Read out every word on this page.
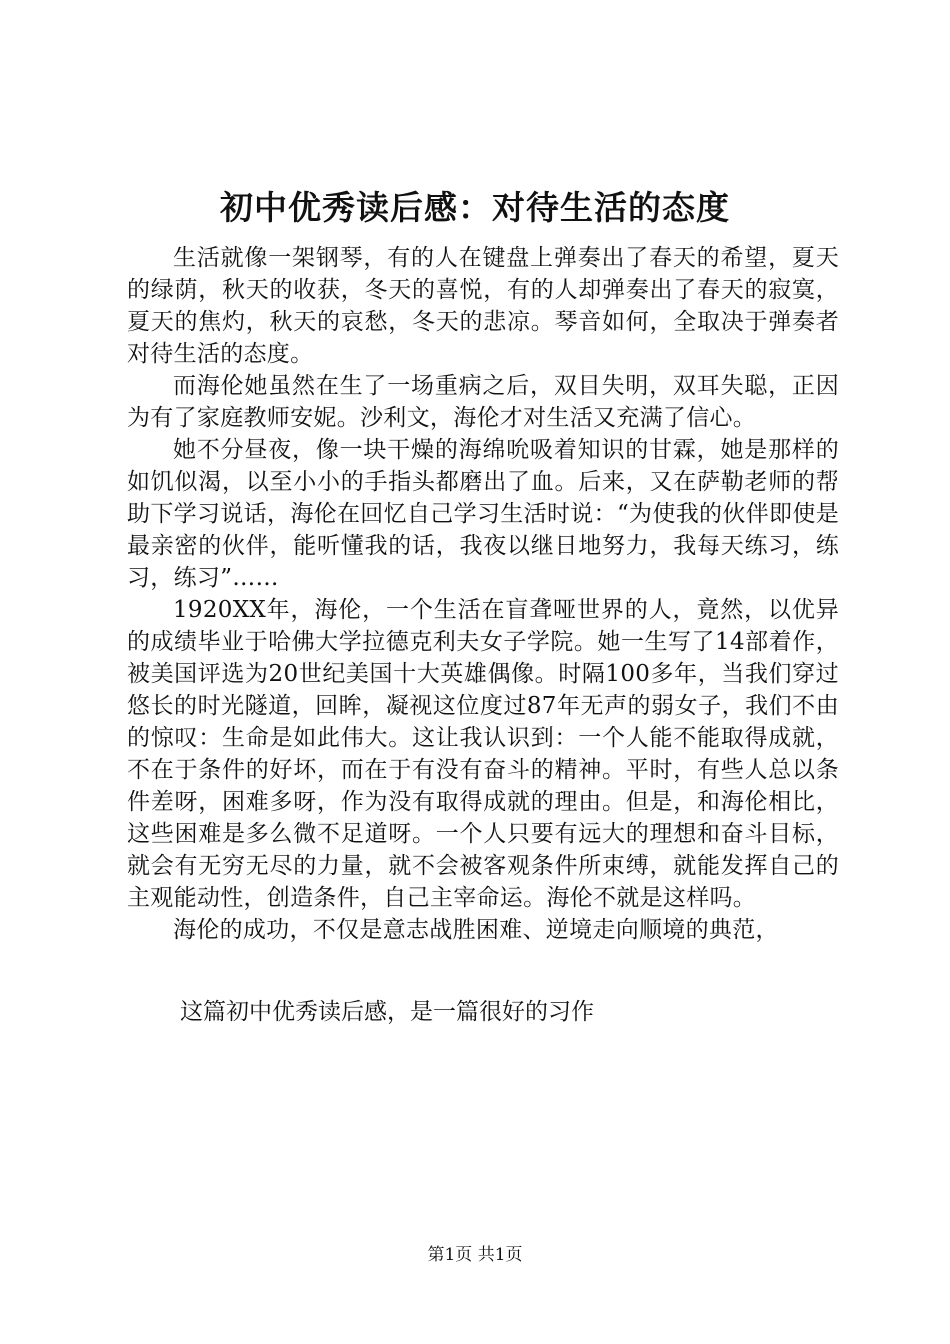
初中优秀读后感：对待生活的态度

生活就像一架钢琴，有的人在键盘上弹奏出了春天的希望，夏天的绿荫，秋天的收获，冬天的喜悦，有的人却弹奏出了春天的寂寞，夏天的焦灼，秋天的哀愁，冬天的悲凉。琴音如何，全取决于弹奏者对待生活的态度。

而海伦她虽然在生了一场重病之后，双目失明，双耳失聪，正因为有了家庭教师安妮。沙利文，海伦才对生活又充满了信心。

她不分昼夜，像一块干燥的海绵吮吸着知识的甘霖，她是那样的如饥似渴，以至小小的手指头都磨出了血。后来，又在萨勒老师的帮助下学习说话，海伦在回忆自己学习生活时说：“为使我的伙伴即使是最亲密的伙伴，能听懂我的话，我夜以继日地努力，我每天练习，练习，练习”……

1920XX年，海伦，一个生活在盲聋哑世界的人，竟然，以优异的成绩毕业于哈佛大学拉德克利夫女子学院。她一生写了14部着作，被美国评选为20世纪美国十大英雄偶像。时隔100多年，当我们穿过悠长的时光隧道，回眸，凝视这位度过87年无声的弱女子，我们不由的惊叹：生命是如此伟大。这让我认识到：一个人能不能取得成就，不在于条件的好坏，而在于有没有奋斗的精神。平时，有些人总以条件差呀，困难多呀，作为没有取得成就的理由。但是，和海伦相比，这些困难是多么微不足道呀。一个人只要有远大的理想和奋斗目标，就会有无穷无尽的力量，就不会被客观条件所束缚，就能发挥自己的主观能动性，创造条件，自己主宰命运。海伦不就是这样吗。

海伦的成功，不仅是意志战胜困难、逆境走向顺境的典范，

这篇初中优秀读后感，是一篇很好的习作

第1页 共1页
